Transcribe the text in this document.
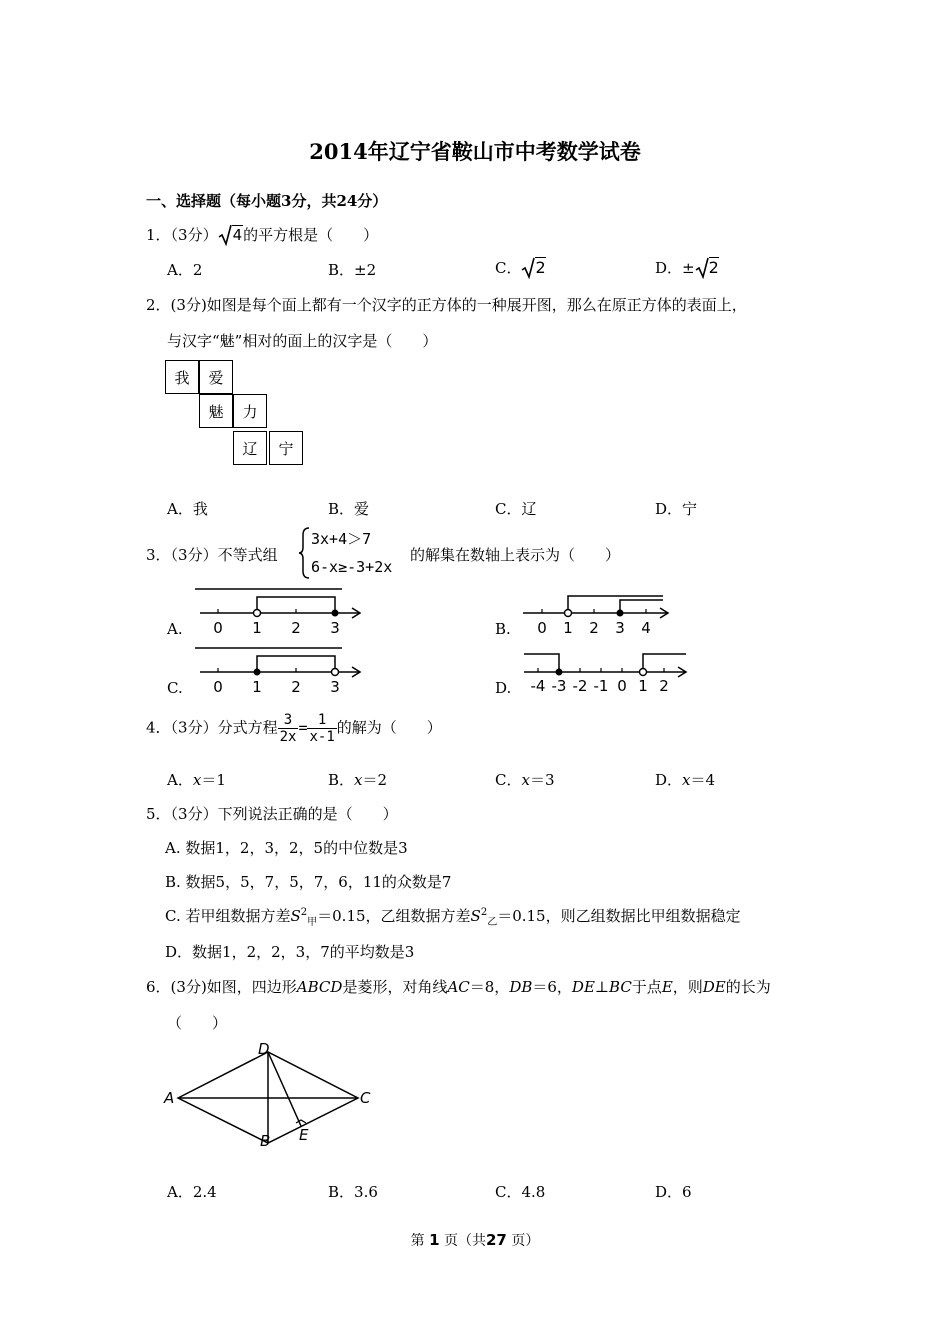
2014年辽宁省鞍山市中考数学试卷
一、选择题（每小题3分，共24分）
1．（3分） 4的平方根是（　　）
A．2	B．±2	C． 2	D．± 2
2．(3分)如图是每个面上都有一个汉字的正方体的一种展开图，那么在原正方体的表面上，
与汉字“魅”相对的面上的汉字是（　　）
我	爱
魅	力
辽	宁
A．我	B．爱	C．辽	D．宁
3．（3分）不等式组
3x+4＞7
6-x≥-3+2x
的解集在数轴上表示为（　　）
A.	B.
C.	D.
0 1 2 3	0 1 2 3 4
0 1 2 3	-4 -3 -2 -1 0 1 2
4．（3分）分式方程 $\frac{3}{2x} = \frac{1}{x-1}$ 的解为（　　）
A．x＝1	B．x＝2	C．x＝3	D．x＝4
5．（3分）下列说法正确的是（　　）
A. 数据1，2，3，2，5的中位数是3
B. 数据5，5，7，5，7，6，11的众数是7
C. 若甲组数据方差$S^2_甲=0.15$，乙组数据方差$S^2_乙=0.15$，则乙组数据比甲组数据稳定
D．数据1，2，2，3，7的平均数是3
6．(3分)如图，四边形ABCD是菱形，对角线AC＝8，DB＝6，DE⊥BC于点E，则DE的长为
（　　）
A
D
C
B E
A．2.4	B．3.6	C．4.8	D．6
第 1 页（共27 页）
